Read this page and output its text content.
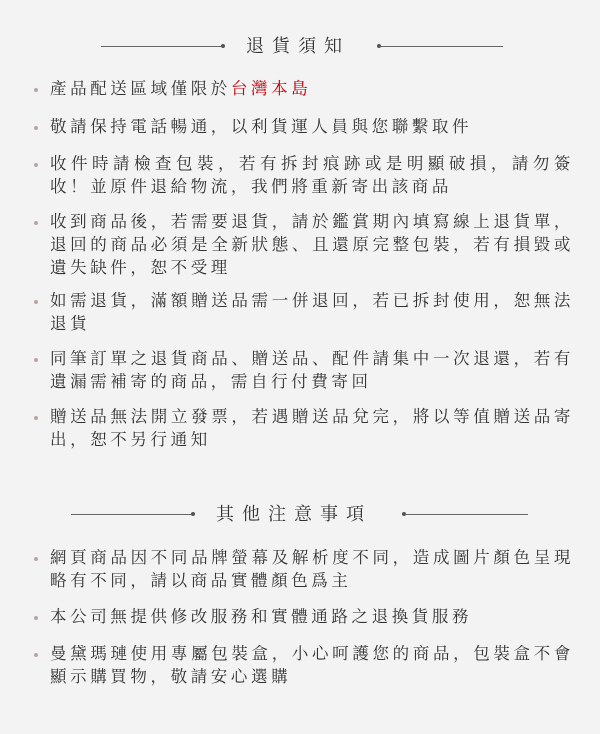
退貨須知

產品配送區域僅限於台灣本島

敬請保持電話暢通，以利貨運人員與您聯繫取件

收件時請檢查包裝，若有拆封痕跡或是明顯破損，請勿簽收！並原件退給物流，我們將重新寄出該商品

收到商品後，若需要退貨，請於鑑賞期內填寫線上退貨單，退回的商品必須是全新狀態、且還原完整包裝，若有損毀或遺失缺件，恕不受理

如需退貨，滿額贈送品需一併退回，若已拆封使用，恕無法退貨

同筆訂單之退貨商品、贈送品、配件請集中一次退還，若有遺漏需補寄的商品，需自行付費寄回

贈送品無法開立發票，若遇贈送品兌完，將以等值贈送品寄出，恕不另行通知

其他注意事項

網頁商品因不同品牌螢幕及解析度不同，造成圖片顏色呈現略有不同，請以商品實體顏色爲主

本公司無提供修改服務和實體通路之退換貨服務

曼黛瑪璉使用專屬包裝盒，小心呵護您的商品，包裝盒不會顯示購買物，敬請安心選購
